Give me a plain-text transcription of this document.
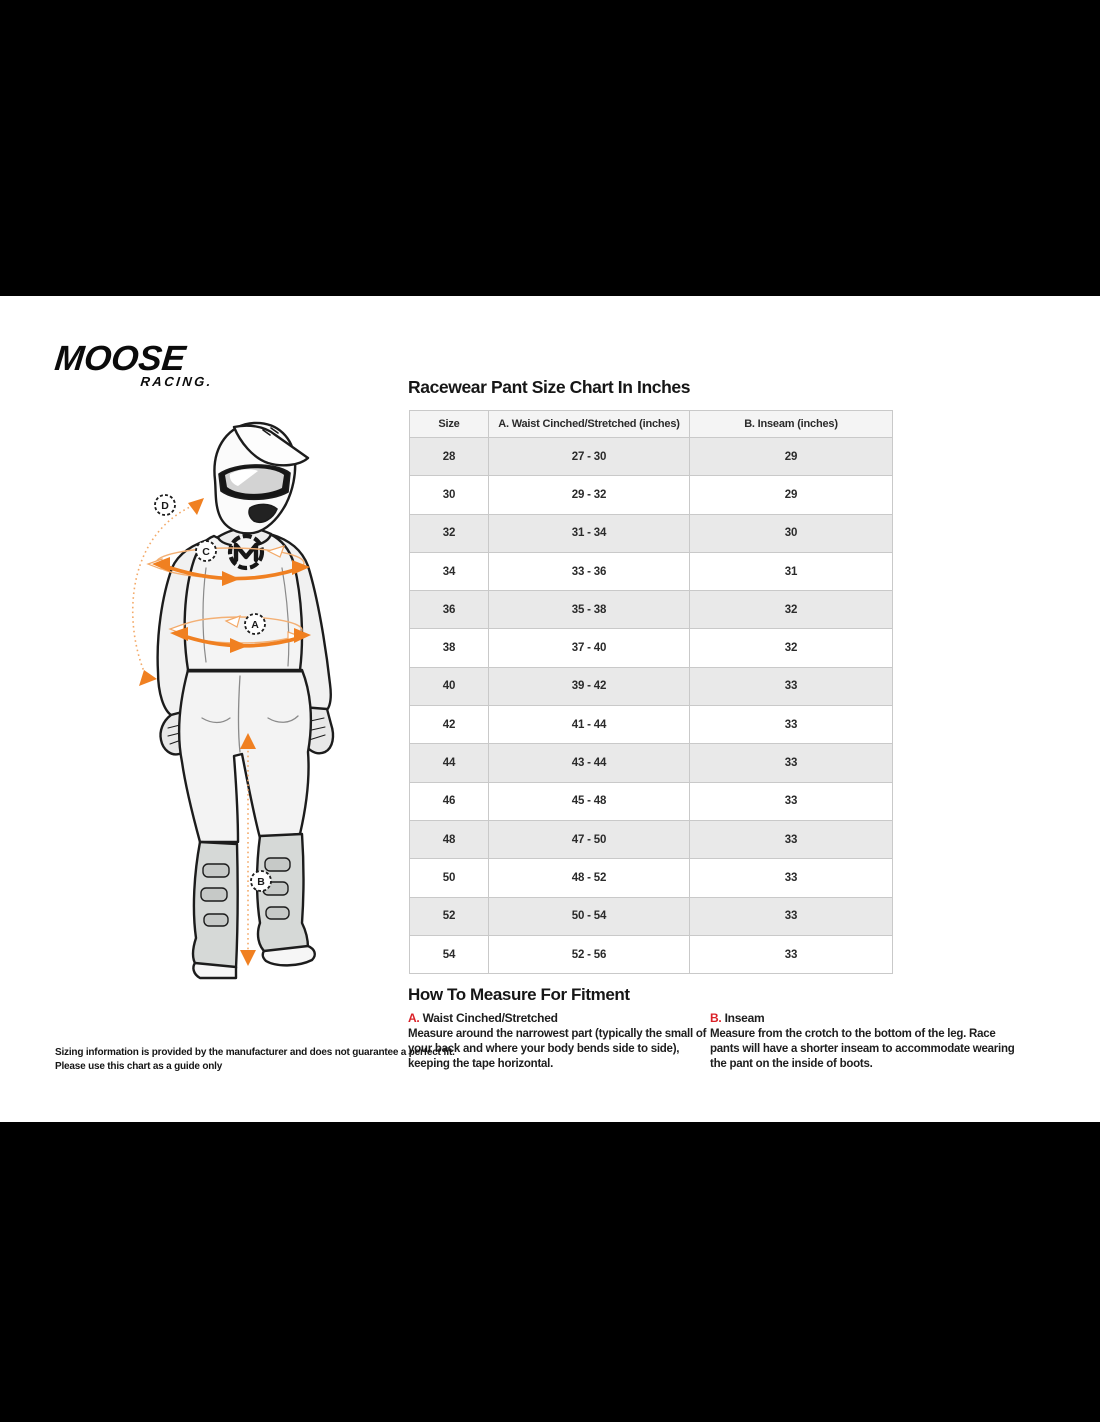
MOOSE
RACING.
D
C
A
B
Racewear Pant Size Chart In Inches
Size	A. Waist Cinched/Stretched (inches)	B. Inseam (inches)
28	27 - 30	29
30	29 - 32	29
32	31 - 34	30
34	33 - 36	31
36	35 - 38	32
38	37 - 40	32
40	39 - 42	33
42	41 - 44	33
44	43 - 44	33
46	45 - 48	33
48	47 - 50	33
50	48 - 52	33
52	50 - 54	33
54	52 - 56	33
How To Measure For Fitment
A. Waist Cinched/Stretched
Measure around the narrowest part (typically the small of your back and where your body bends side to side), keeping the tape horizontal.
B. Inseam
Measure from the crotch to the bottom of the leg. Race pants will have a shorter inseam to accommodate wearing the pant on the inside of boots.
Sizing information is provided by the manufacturer and does not guarantee a perfect fit. Please use this chart as a guide only
